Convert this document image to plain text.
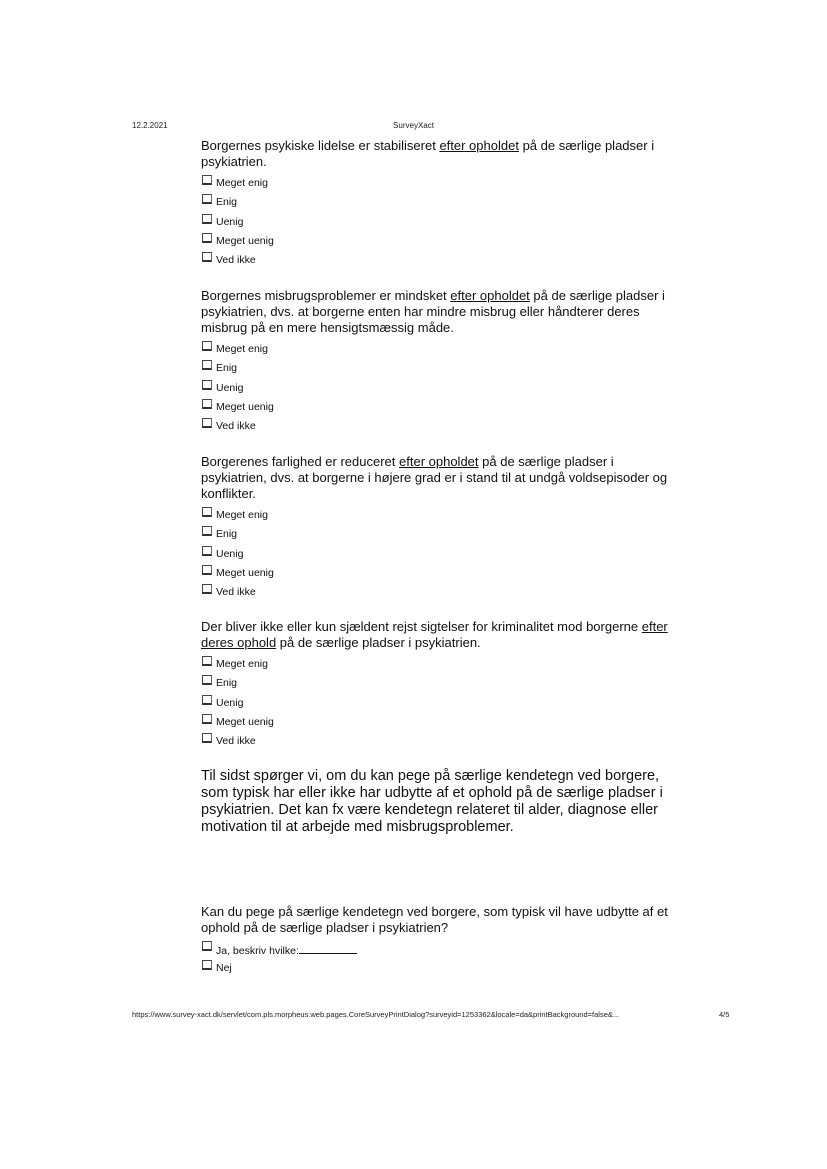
12.2.2021	SurveyXact

Borgernes psykiske lidelse er stabiliseret efter opholdet på de særlige pladser i psykiatrien.

Meget enig
Enig
Uenig
Meget uenig
Ved ikke

Borgernes misbrugsproblemer er mindsket efter opholdet på de særlige pladser i psykiatrien, dvs. at borgerne enten har mindre misbrug eller håndterer deres misbrug på en mere hensigtsmæssig måde.

Meget enig
Enig
Uenig
Meget uenig
Ved ikke

Borgerenes farlighed er reduceret efter opholdet på de særlige pladser i psykiatrien, dvs. at borgerne i højere grad er i stand til at undgå voldsepisoder og konflikter.

Meget enig
Enig
Uenig
Meget uenig
Ved ikke

Der bliver ikke eller kun sjældent rejst sigtelser for kriminalitet mod borgerne efter deres ophold på de særlige pladser i psykiatrien.

Meget enig
Enig
Uenig
Meget uenig
Ved ikke
Til sidst spørger vi, om du kan pege på særlige kendetegn ved borgere, som typisk har eller ikke har udbytte af et ophold på de særlige pladser i psykiatrien. Det kan fx være kendetegn relateret til alder, diagnose eller motivation til at arbejde med misbrugsproblemer.

Kan du pege på særlige kendetegn ved borgere, som typisk vil have udbytte af et ophold på de særlige pladser i psykiatrien?

Ja, beskriv hvilke:
Nej
https://www.survey-xact.dk/servlet/com.pls.morpheus.web.pages.CoreSurveyPrintDialog?surveyid=1253362&locale=da&printBackground=false&...	4/5
